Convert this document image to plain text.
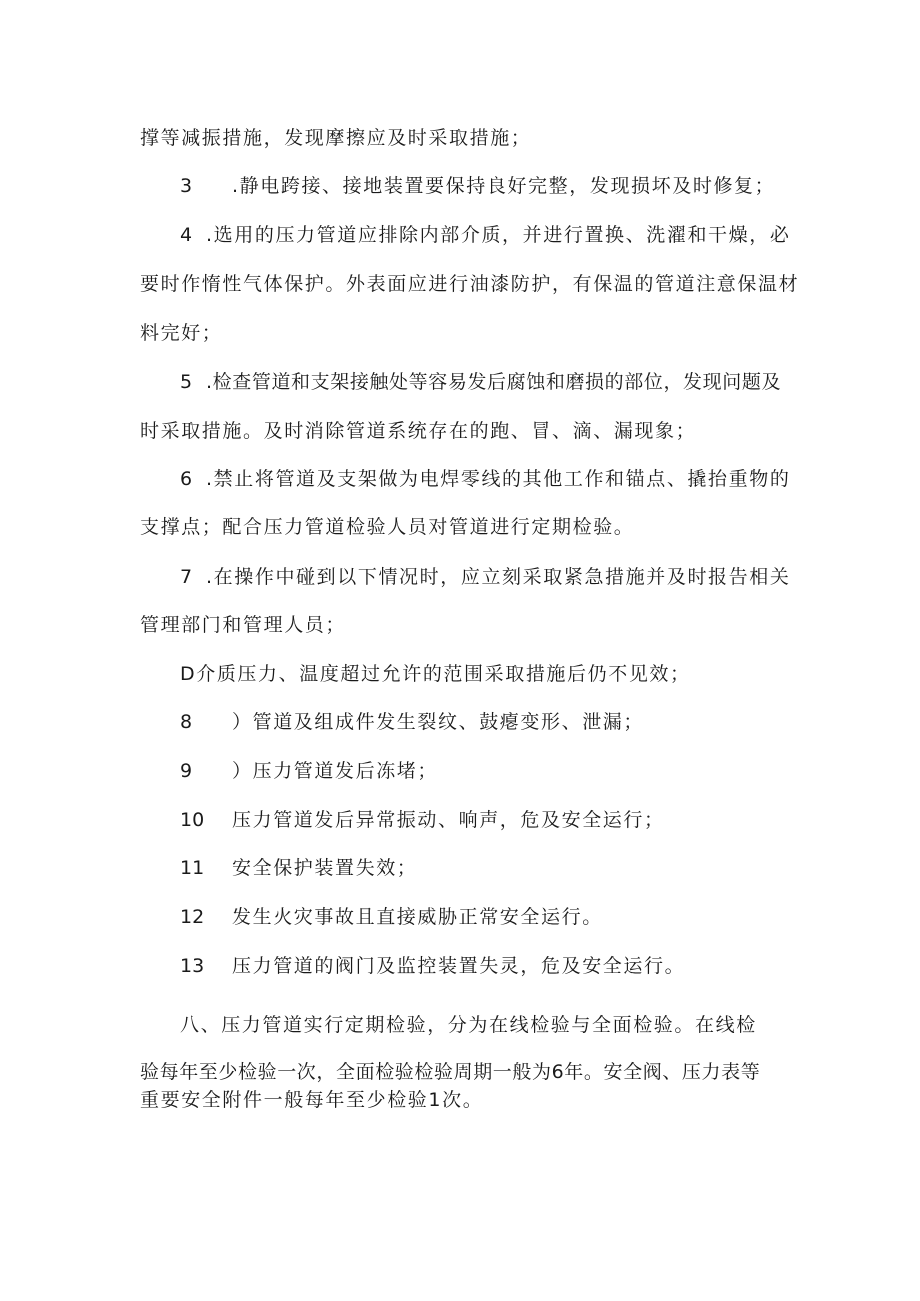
撑等减振措施，发现摩擦应及时采取措施；
3 .静电跨接、接地装置要保持良好完整，发现损坏及时修复；
4 .选用的压力管道应排除内部介质，并进行置换、洗濯和干燥，必
要时作惰性气体保护。外表面应进行油漆防护，有保温的管道注意保温材
料完好；
5 .检查管道和支架接触处等容易发后腐蚀和磨损的部位，发现问题及
时采取措施。及时消除管道系统存在的跑、冒、滴、漏现象；
6 .禁止将管道及支架做为电焊零线的其他工作和锚点、撬抬重物的
支撑点；配合压力管道检验人员对管道进行定期检验。
7 .在操作中碰到以下情况时，应立刻采取紧急措施并及时报告相关
管理部门和管理人员；
D介质压力、温度超过允许的范围采取措施后仍不见效；
8 ）管道及组成件发生裂纹、鼓瘪变形、泄漏；
9 ）压力管道发后冻堵；
10 压力管道发后异常振动、响声，危及安全运行；
11 安全保护装置失效；
12 发生火灾事故且直接威胁正常安全运行。
13 压力管道的阀门及监控装置失灵，危及安全运行。
八、压力管道实行定期检验，分为在线检验与全面检验。在线检
验每年至少检验一次，全面检验检验周期一般为6年。安全阀、压力表等
重要安全附件一般每年至少检验1次。
